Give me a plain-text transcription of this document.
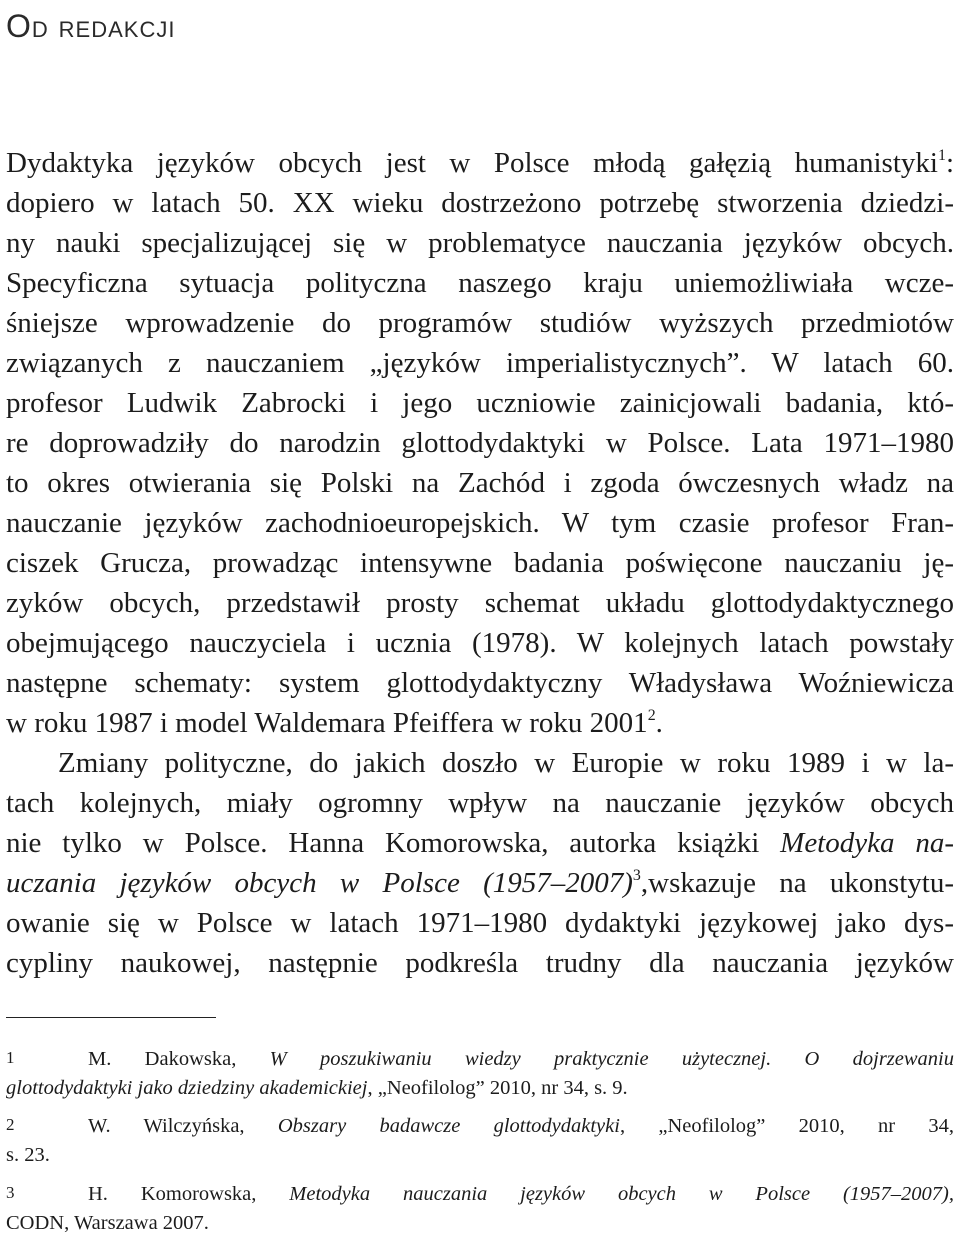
Od redakcji
Dydaktyka języków obcych jest w Polsce młodą gałęzią humanistyki$^1$:
dopiero w latach 50. XX wieku dostrzeżono potrzebę stworzenia dziedzi-
ny nauki specjalizującej się w problematyce nauczania języków obcych.
Specyficzna sytuacja polityczna naszego kraju uniemożliwiała wcze-
śniejsze wprowadzenie do programów studiów wyższych przedmiotów
związanych z nauczaniem „języków imperialistycznych”. W latach 60.
profesor Ludwik Zabrocki i jego uczniowie zainicjowali badania, któ-
re doprowadziły do narodzin glottodydaktyki w Polsce. Lata 1971–1980
to okres otwierania się Polski na Zachód i zgoda ówczesnych władz na
nauczanie języków zachodnioeuropejskich. W tym czasie profesor Fran-
ciszek Grucza, prowadząc intensywne badania poświęcone nauczaniu ję-
zyków obcych, przedstawił prosty schemat układu glottodydaktycznego
obejmującego nauczyciela i ucznia (1978). W kolejnych latach powstały
następne schematy: system glottodydaktyczny Władysława Woźniewicza
w roku 1987 i model Waldemara Pfeiffera w roku 2001$^2$.
Zmiany polityczne, do jakich doszło w Europie w roku 1989 i w la-
tach kolejnych, miały ogromny wpływ na nauczanie języków obcych
nie tylko w Polsce. Hanna Komorowska, autorka książki Metodyka na-
uczania języków obcych w Polsce (1957–2007)$^3$,wskazuje na ukonstytu-
owanie się w Polsce w latach 1971–1980 dydaktyki językowej jako dys-
cypliny naukowej, następnie podkreśla trudny dla nauczania języków
1	M. Dakowska, W poszukiwaniu wiedzy praktycznie użytecznej. O dojrzewaniu
glottodydaktyki jako dziedziny akademickiej, „Neofilolog” 2010, nr 34, s. 9.
2	W. Wilczyńska, Obszary badawcze glottodydaktyki, „Neofilolog” 2010, nr 34,
s. 23.
3	H. Komorowska, Metodyka nauczania języków obcych w Polsce (1957–2007),
CODN, Warszawa 2007.
